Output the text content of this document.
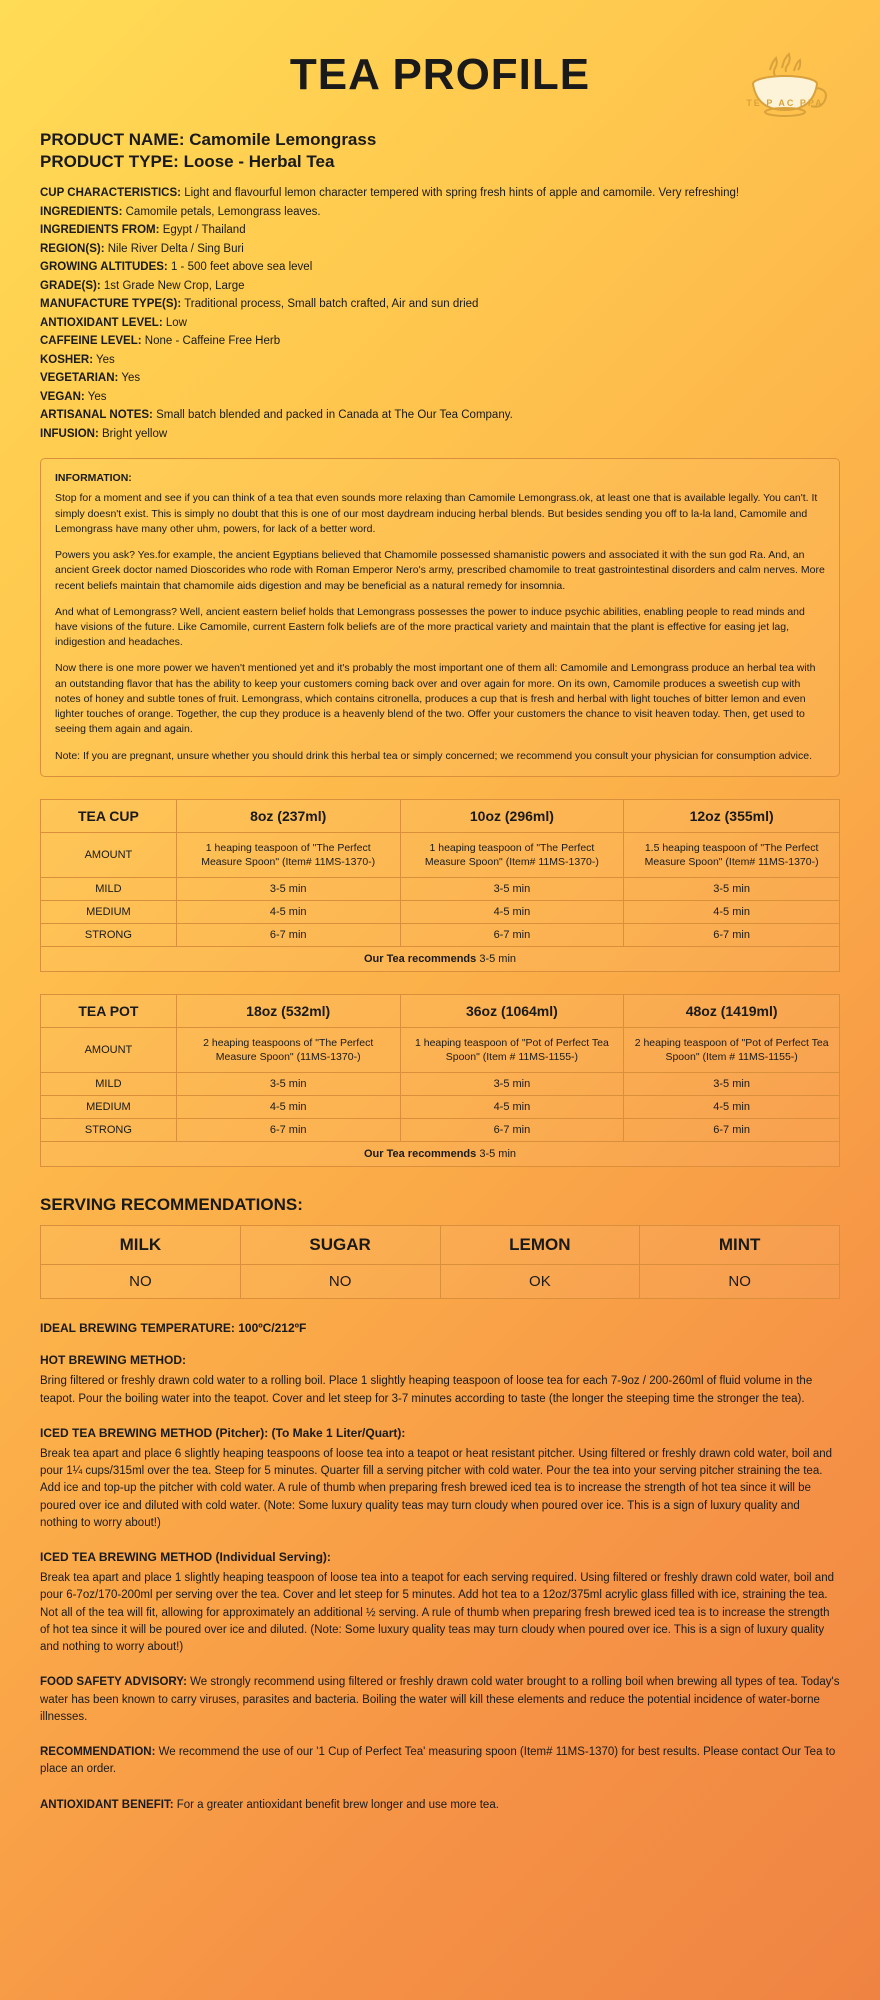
TEA PROFILE
TE P AC PPA
PRODUCT NAME: Camomile Lemongrass
PRODUCT TYPE: Loose - Herbal Tea
CUP CHARACTERISTICS: Light and flavourful lemon character tempered with spring fresh hints of apple and camomile. Very refreshing!
INGREDIENTS: Camomile petals, Lemongrass leaves.
INGREDIENTS FROM: Egypt / Thailand
REGION(S): Nile River Delta / Sing Buri
GROWING ALTITUDES: 1 - 500 feet above sea level
GRADE(S): 1st Grade New Crop, Large
MANUFACTURE TYPE(S): Traditional process, Small batch crafted, Air and sun dried
ANTIOXIDANT LEVEL: Low
CAFFEINE LEVEL: None - Caffeine Free Herb
KOSHER: Yes
VEGETARIAN: Yes
VEGAN: Yes
ARTISANAL NOTES: Small batch blended and packed in Canada at The Our Tea Company.
INFUSION: Bright yellow
INFORMATION:

Stop for a moment and see if you can think of a tea that even sounds more relaxing than Camomile Lemongrass.ok, at least one that is available legally. You can't. It simply doesn't exist. This is simply no doubt that this is one of our most daydream inducing herbal blends. But besides sending you off to la-la land, Camomile and Lemongrass have many other uhm, powers, for lack of a better word.

Powers you ask? Yes.for example, the ancient Egyptians believed that Chamomile possessed shamanistic powers and associated it with the sun god Ra. And, an ancient Greek doctor named Dioscorides who rode with Roman Emperor Nero's army, prescribed chamomile to treat gastrointestinal disorders and calm nerves. More recent beliefs maintain that chamomile aids digestion and may be beneficial as a natural remedy for insomnia.

And what of Lemongrass? Well, ancient eastern belief holds that Lemongrass possesses the power to induce psychic abilities, enabling people to read minds and have visions of the future. Like Camomile, current Eastern folk beliefs are of the more practical variety and maintain that the plant is effective for easing jet lag, indigestion and headaches.

Now there is one more power we haven't mentioned yet and it's probably the most important one of them all: Camomile and Lemongrass produce an herbal tea with an outstanding flavor that has the ability to keep your customers coming back over and over again for more. On its own, Camomile produces a sweetish cup with notes of honey and subtle tones of fruit. Lemongrass, which contains citronella, produces a cup that is fresh and herbal with light touches of bitter lemon and even lighter touches of orange. Together, the cup they produce is a heavenly blend of the two. Offer your customers the chance to visit heaven today. Then, get used to seeing them again and again.

Note: If you are pregnant, unsure whether you should drink this herbal tea or simply concerned; we recommend you consult your physician for consumption advice.

TEA CUP	8oz (237ml)	10oz (296ml)	12oz (355ml)
AMOUNT	1 heaping teaspoon of "The Perfect Measure Spoon" (Item# 11MS-1370-)	1 heaping teaspoon of "The Perfect Measure Spoon" (Item# 11MS-1370-)	1.5 heaping teaspoon of "The Perfect Measure Spoon" (Item# 11MS-1370-)
MILD	3-5 min	3-5 min	3-5 min
MEDIUM	4-5 min	4-5 min	4-5 min
STRONG	6-7 min	6-7 min	6-7 min
Our Tea recommends 3-5 min			
TEA POT	18oz (532ml)	36oz (1064ml)	48oz (1419ml)
AMOUNT	2 heaping teaspoons of "The Perfect Measure Spoon" (11MS-1370-)	1 heaping teaspoon of "Pot of Perfect Tea Spoon" (Item # 11MS-1155-)	2 heaping teaspoon of "Pot of Perfect Tea Spoon" (Item # 11MS-1155-)
MILD	3-5 min	3-5 min	3-5 min
MEDIUM	4-5 min	4-5 min	4-5 min
STRONG	6-7 min	6-7 min	6-7 min
Our Tea recommends 3-5 min			
SERVING RECOMMENDATIONS:
MILK	SUGAR	LEMON	MINT
NO	NO	OK	NO
IDEAL BREWING TEMPERATURE: 100ºC/212ºF
HOT BREWING METHOD:
Bring filtered or freshly drawn cold water to a rolling boil. Place 1 slightly heaping teaspoon of loose tea for each 7-9oz / 200-260ml of fluid volume in the teapot. Pour the boiling water into the teapot. Cover and let steep for 3-7 minutes according to taste (the longer the steeping time the stronger the tea).
ICED TEA BREWING METHOD (Pitcher): (To Make 1 Liter/Quart):
Break tea apart and place 6 slightly heaping teaspoons of loose tea into a teapot or heat resistant pitcher. Using filtered or freshly drawn cold water, boil and pour 1¼ cups/315ml over the tea. Steep for 5 minutes. Quarter fill a serving pitcher with cold water. Pour the tea into your serving pitcher straining the tea. Add ice and top-up the pitcher with cold water. A rule of thumb when preparing fresh brewed iced tea is to increase the strength of hot tea since it will be poured over ice and diluted with cold water. (Note: Some luxury quality teas may turn cloudy when poured over ice. This is a sign of luxury quality and nothing to worry about!)
ICED TEA BREWING METHOD (Individual Serving):
Break tea apart and place 1 slightly heaping teaspoon of loose tea into a teapot for each serving required. Using filtered or freshly drawn cold water, boil and pour 6-7oz/170-200ml per serving over the tea. Cover and let steep for 5 minutes. Add hot tea to a 12oz/375ml acrylic glass filled with ice, straining the tea. Not all of the tea will fit, allowing for approximately an additional ½ serving. A rule of thumb when preparing fresh brewed iced tea is to increase the strength of hot tea since it will be poured over ice and diluted. (Note: Some luxury quality teas may turn cloudy when poured over ice. This is a sign of luxury quality and nothing to worry about!)
FOOD SAFETY ADVISORY: We strongly recommend using filtered or freshly drawn cold water brought to a rolling boil when brewing all types of tea. Today's water has been known to carry viruses, parasites and bacteria. Boiling the water will kill these elements and reduce the potential incidence of water-borne illnesses.
RECOMMENDATION: We recommend the use of our '1 Cup of Perfect Tea' measuring spoon (Item# 11MS-1370) for best results. Please contact Our Tea to place an order.
ANTIOXIDANT BENEFIT: For a greater antioxidant benefit brew longer and use more tea.
